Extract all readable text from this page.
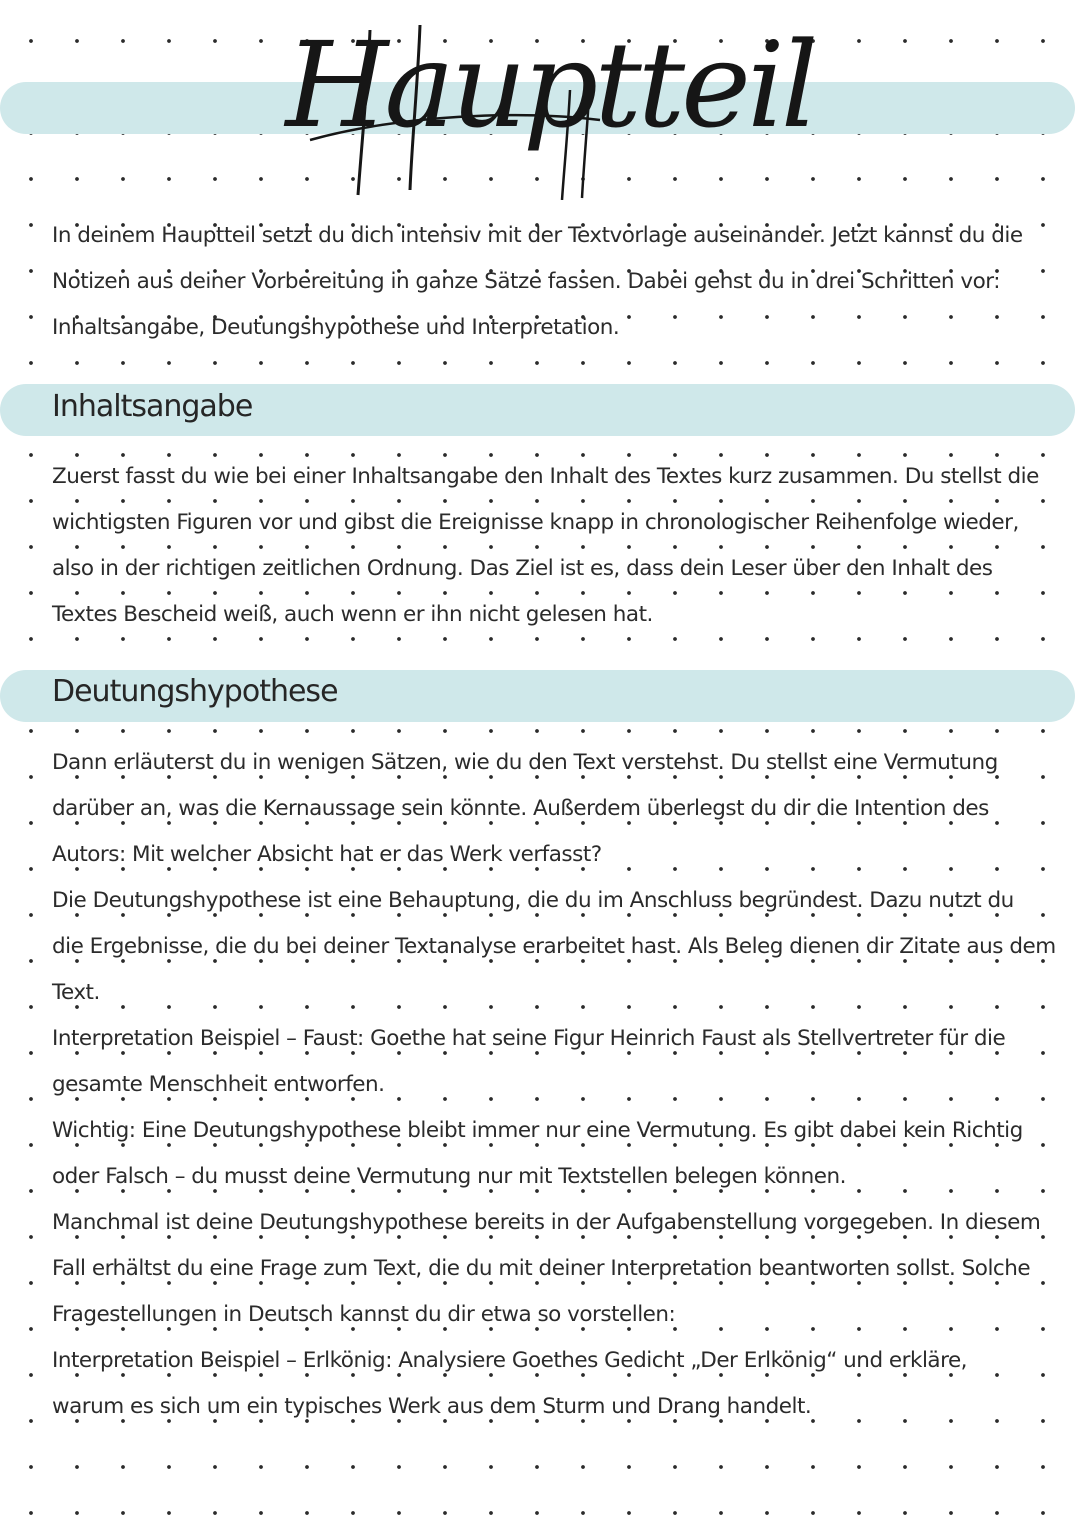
Hauptteil
In deinem Hauptteil setzt du dich intensiv mit der Textvorlage auseinander. Jetzt kannst du die
Notizen aus deiner Vorbereitung in ganze Sätze fassen. Dabei gehst du in drei Schritten vor:
Inhaltsangabe, Deutungshypothese und Interpretation.
Inhaltsangabe
Zuerst fasst du wie bei einer Inhaltsangabe den Inhalt des Textes kurz zusammen. Du stellst die
wichtigsten Figuren vor und gibst die Ereignisse knapp in chronologischer Reihenfolge wieder,
also in der richtigen zeitlichen Ordnung. Das Ziel ist es, dass dein Leser über den Inhalt des
Textes Bescheid weiß, auch wenn er ihn nicht gelesen hat.
Deutungshypothese
Dann erläuterst du in wenigen Sätzen, wie du den Text verstehst. Du stellst eine Vermutung
darüber an, was die Kernaussage sein könnte. Außerdem überlegst du dir die Intention des
Autors: Mit welcher Absicht hat er das Werk verfasst?
Die Deutungshypothese ist eine Behauptung, die du im Anschluss begründest. Dazu nutzt du
die Ergebnisse, die du bei deiner Textanalyse erarbeitet hast. Als Beleg dienen dir Zitate aus dem
Text.
Interpretation Beispiel – Faust: Goethe hat seine Figur Heinrich Faust als Stellvertreter für die
gesamte Menschheit entworfen.
Wichtig: Eine Deutungshypothese bleibt immer nur eine Vermutung. Es gibt dabei kein Richtig
oder Falsch – du musst deine Vermutung nur mit Textstellen belegen können.
Manchmal ist deine Deutungshypothese bereits in der Aufgabenstellung vorgegeben. In diesem
Fall erhältst du eine Frage zum Text, die du mit deiner Interpretation beantworten sollst. Solche
Fragestellungen in Deutsch kannst du dir etwa so vorstellen:
Interpretation Beispiel – Erlkönig: Analysiere Goethes Gedicht „Der Erlkönig“ und erkläre,
warum es sich um ein typisches Werk aus dem Sturm und Drang handelt.
